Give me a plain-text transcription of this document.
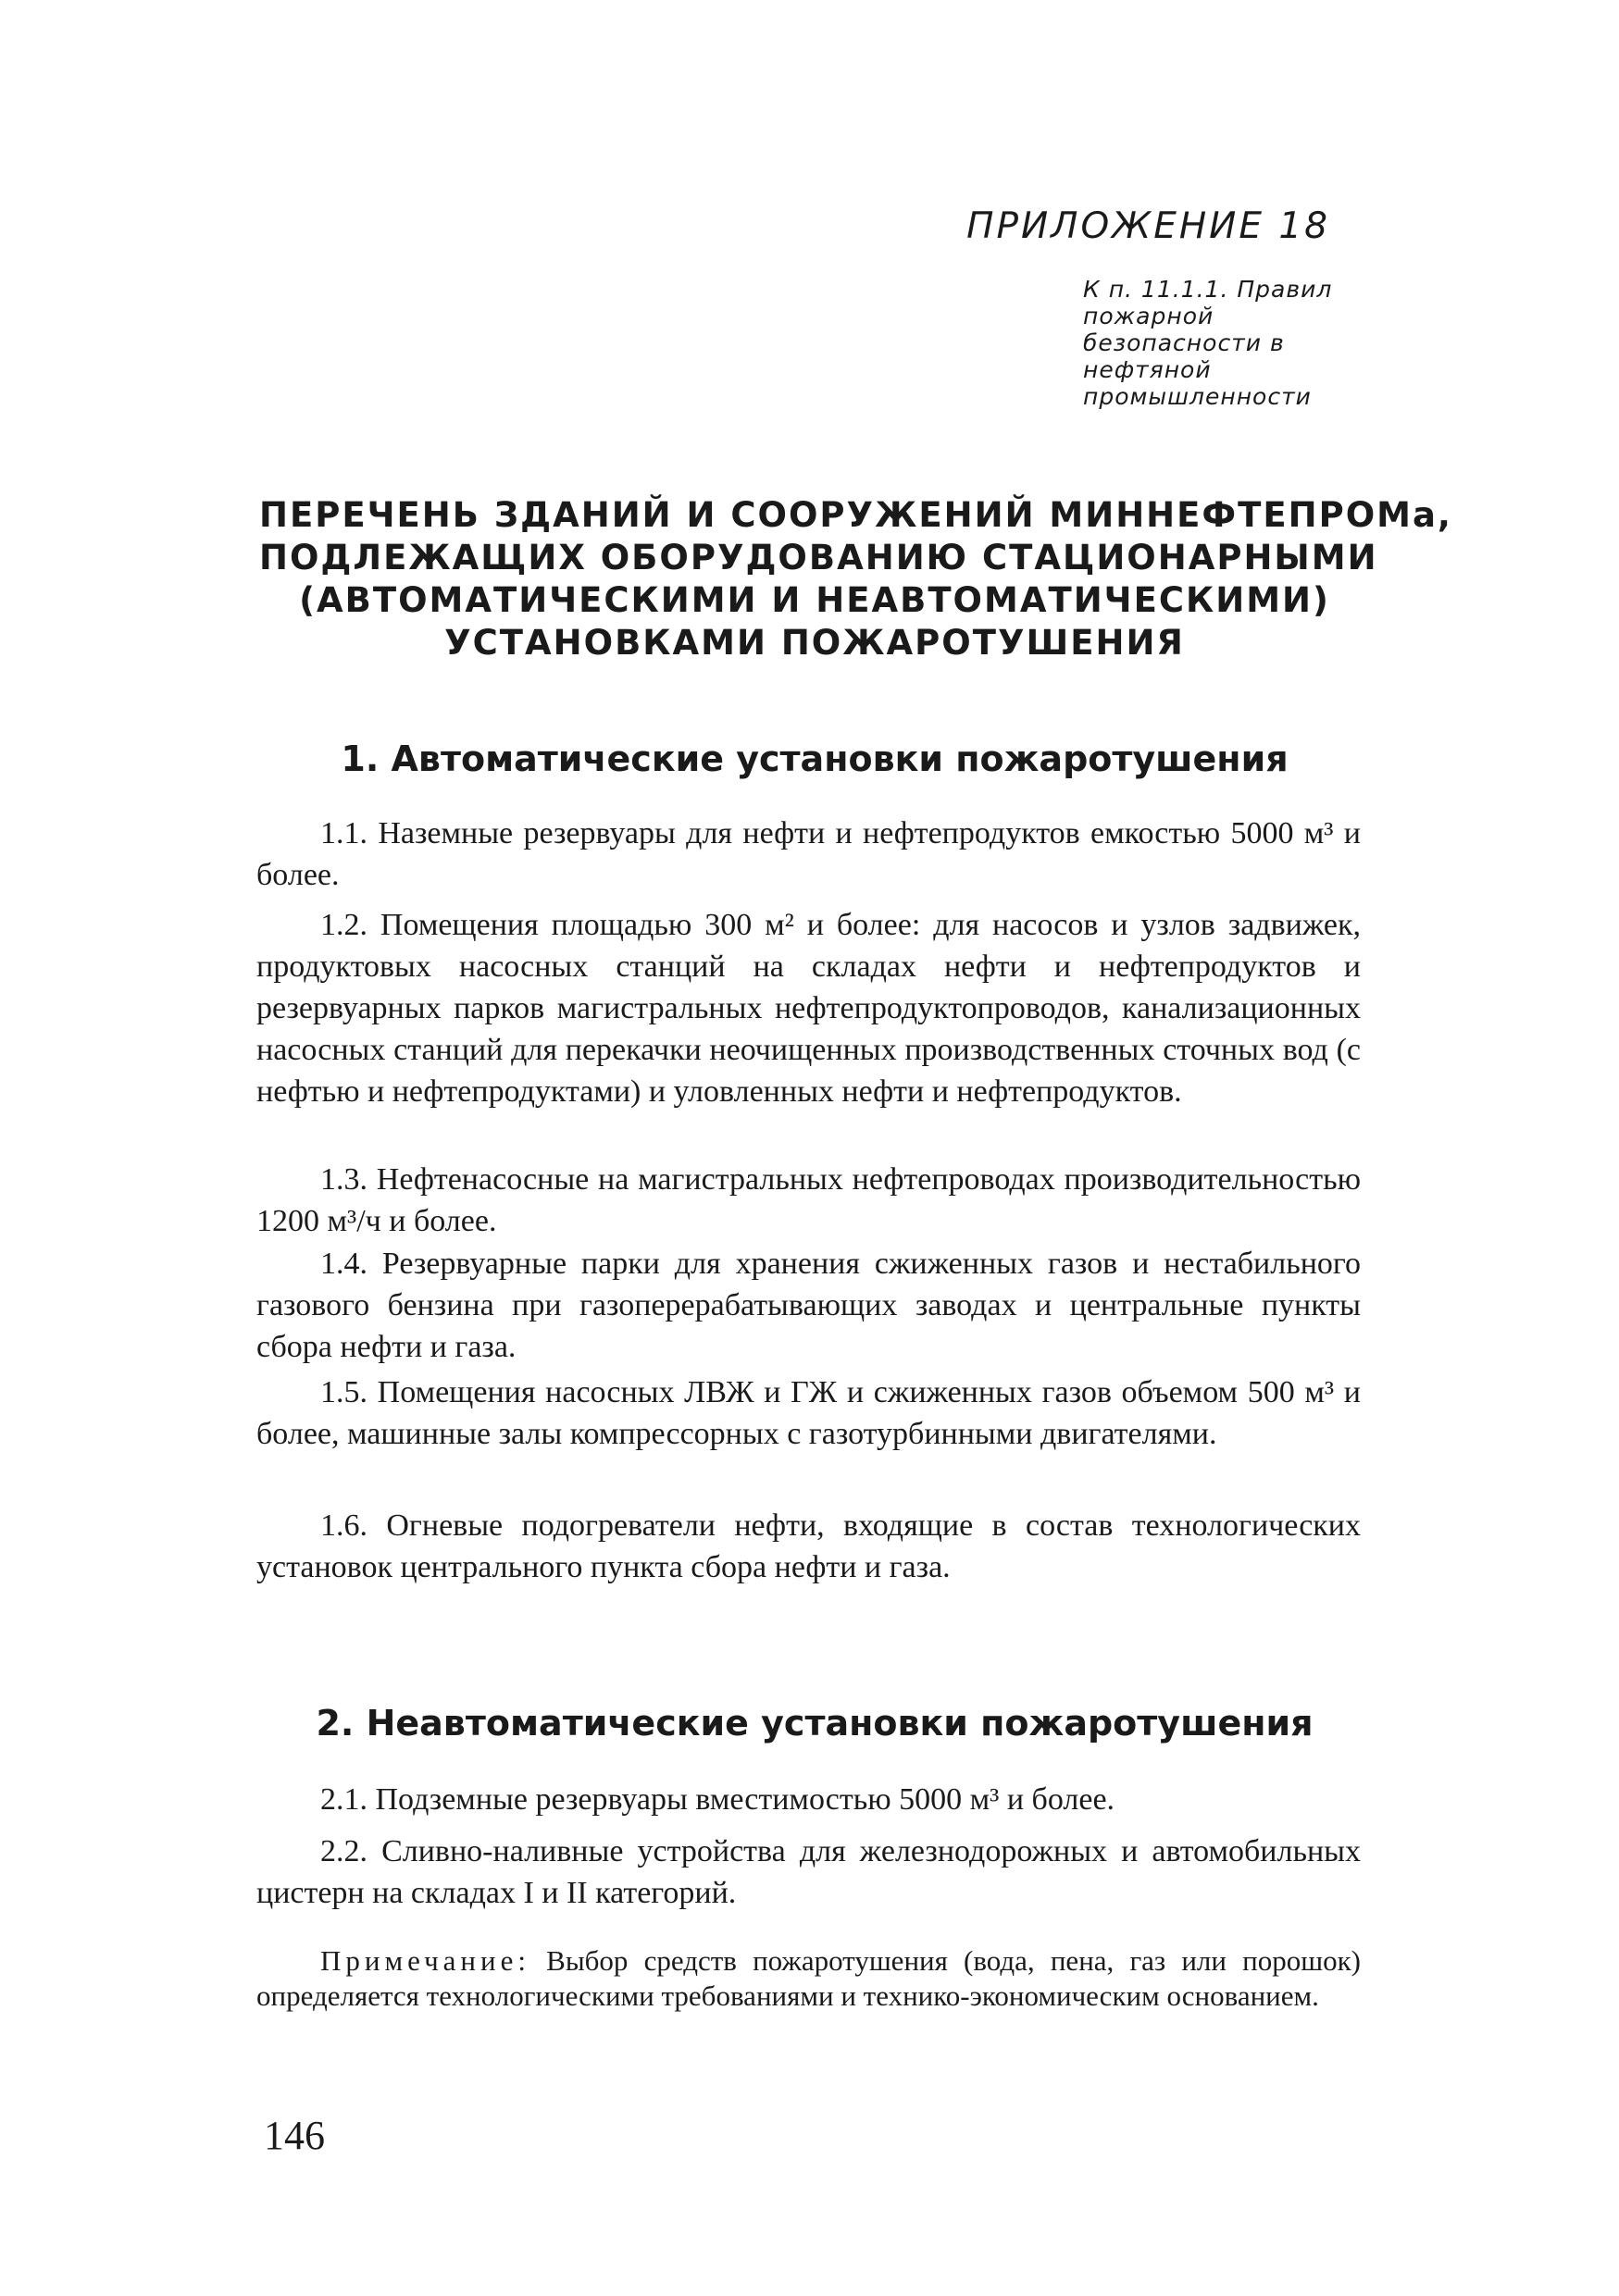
ПРИЛОЖЕНИЕ 18
К п. 11.1.1. Правил пожарной безопасности в нефтяной промышленности
ПЕРЕЧЕНЬ ЗДАНИЙ И СООРУЖЕНИЙ МИННЕФТЕПРОМа,
ПОДЛЕЖАЩИХ ОБОРУДОВАНИЮ СТАЦИОНАРНЫМИ
(АВТОМАТИЧЕСКИМИ И НЕАВТОМАТИЧЕСКИМИ)
УСТАНОВКАМИ ПОЖАРОТУШЕНИЯ
1. Автоматические установки пожаротушения
1.1. Наземные резервуары для нефти и нефтепродуктов емкостью 5000 м³ и более.
1.2. Помещения площадью 300 м² и более: для насосов и узлов задвижек, продуктовых насосных станций на складах нефти и нефтепродуктов и резервуарных парков магистральных нефтепродуктопроводов, канализационных насосных станций для перекачки неочищенных производственных сточных вод (с нефтью и нефтепродуктами) и уловленных нефти и нефтепродуктов.
1.3. Нефтенасосные на магистральных нефтепроводах производительностью 1200 м³/ч и более.
1.4. Резервуарные парки для хранения сжиженных газов и нестабильного газового бензина при газоперерабатывающих заводах и центральные пункты сбора нефти и газа.
1.5. Помещения насосных ЛВЖ и ГЖ и сжиженных газов объемом 500 м³ и более, машинные залы компрессорных с газотурбинными двигателями.
1.6. Огневые подогреватели нефти, входящие в состав технологических установок центрального пункта сбора нефти и газа.
2. Неавтоматические установки пожаротушения
2.1. Подземные резервуары вместимостью 5000 м³ и более.
2.2. Сливно-наливные устройства для железнодорожных и автомобильных цистерн на складах I и II категорий.
Примечание: Выбор средств пожаротушения (вода, пена, газ или порошок) определяется технологическими требованиями и технико-экономическим основанием.
146
